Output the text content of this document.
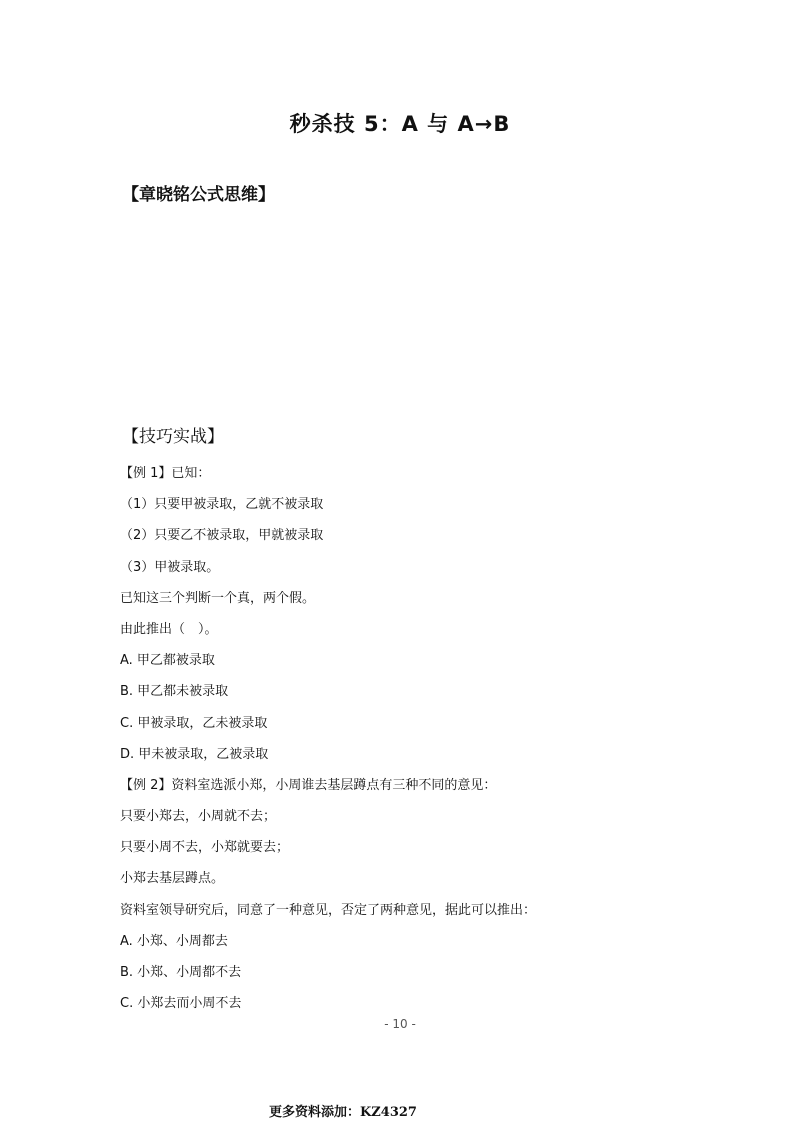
秒杀技 5：A 与 A→B
【章晓铭公式思维】
【技巧实战】
【例 1】已知：
（1）只要甲被录取，乙就不被录取
（2）只要乙不被录取，甲就被录取
（3）甲被录取。
已知这三个判断一个真，两个假。
由此推出（　）。
A. 甲乙都被录取
B. 甲乙都未被录取
C. 甲被录取，乙未被录取
D. 甲未被录取，乙被录取
【例 2】资料室选派小郑，小周谁去基层蹲点有三种不同的意见：
只要小郑去，小周就不去；
只要小周不去，小郑就要去；
小郑去基层蹲点。
资料室领导研究后，同意了一种意见，否定了两种意见，据此可以推出：
A. 小郑、小周都去
B. 小郑、小周都不去
C. 小郑去而小周不去
- 10 -
更多资料添加：KZ4327
